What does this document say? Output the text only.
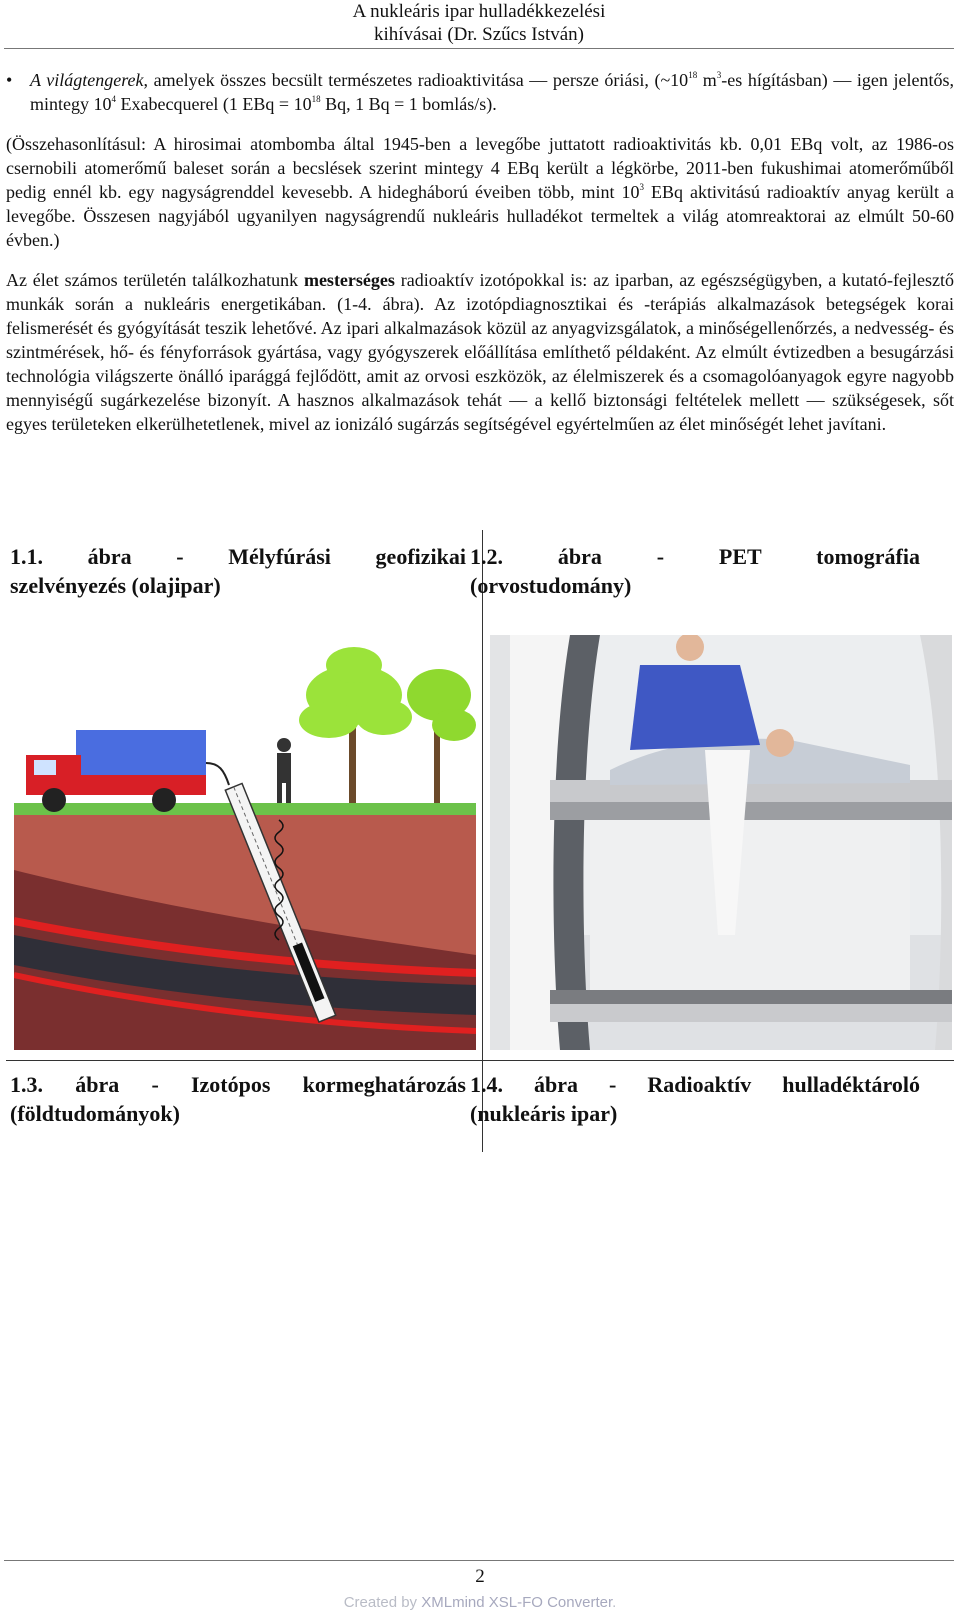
A nukleáris ipar hulladékkezelési
kihívásai (Dr. Szűcs István)

• A világtengerek, amelyek összes becsült természetes radioaktivitása — persze óriási, ($\sim 10^{18}$ $m^3-es$ hígításban) — igen jelentős, mintegy $10^4$ Exabecquerel (1 EBq = $10^{18}$ Bq, 1 Bq = 1 bomlás/s).

(Összehasonlításul: A hirosimai atombomba által 1945-ben a levegőbe juttatott radioaktivitás kb. 0,01 EBq volt, az 1986-os csernobili atomerőmű baleset során a becslések szerint mintegy 4 EBq került a légkörbe, 2011-ben fukushimai atomerőműből pedig ennél kb. egy nagyságrenddel kevesebb. A hidegháború éveiben több, mint $10^3$ EBq aktivitású radioaktív anyag került a levegőbe. Összesen nagyjából ugyanilyen nagyságrendű nukleáris hulladékot termeltek a világ atomreaktorai az elmúlt 50-60 évben.)

Az élet számos területén találkozhatunk mesterséges radioaktív izotópokkal is: az iparban, az egészségügyben, a kutató-fejlesztő munkák során a nukleáris energetikában. (1-4. ábra). Az izotópdiagnosztikai és -terápiás alkalmazások betegségek korai felismerését és gyógyítását teszik lehetővé. Az ipari alkalmazások közül az anyagvizsgálatok, a minőségellenőrzés, a nedvesség- és szintmérések, hő- és fényforrások gyártása, vagy gyógyszerek előállítása említhető példaként. Az elmúlt évtizedben a besugárzási technológia világszerte önálló iparággá fejlődött, amit az orvosi eszközök, az élelmiszerek és a csomagolóanyagok egyre nagyobb mennyiségű sugárkezelése bizonyít. A hasznos alkalmazások tehát — a kellő biztonsági feltételek mellett — szükségesek, sőt egyes területeken elkerülhetetlenek, mivel az ionizáló sugárzás segítségével egyértelműen az élet minőségét lehet javítani.

1.1. ábra - Mélyfúrási geofizikai
szelvényezés (olajipar)
1.2. ábra - PET tomográfia
(orvostudomány)
1.3. ábra - Izotópos kormeghatározás
(földtudományok)
1.4. ábra - Radioaktív hulladéktároló
(nukleáris ipar)
2
Created by XMLmind XSL-FO Converter.
